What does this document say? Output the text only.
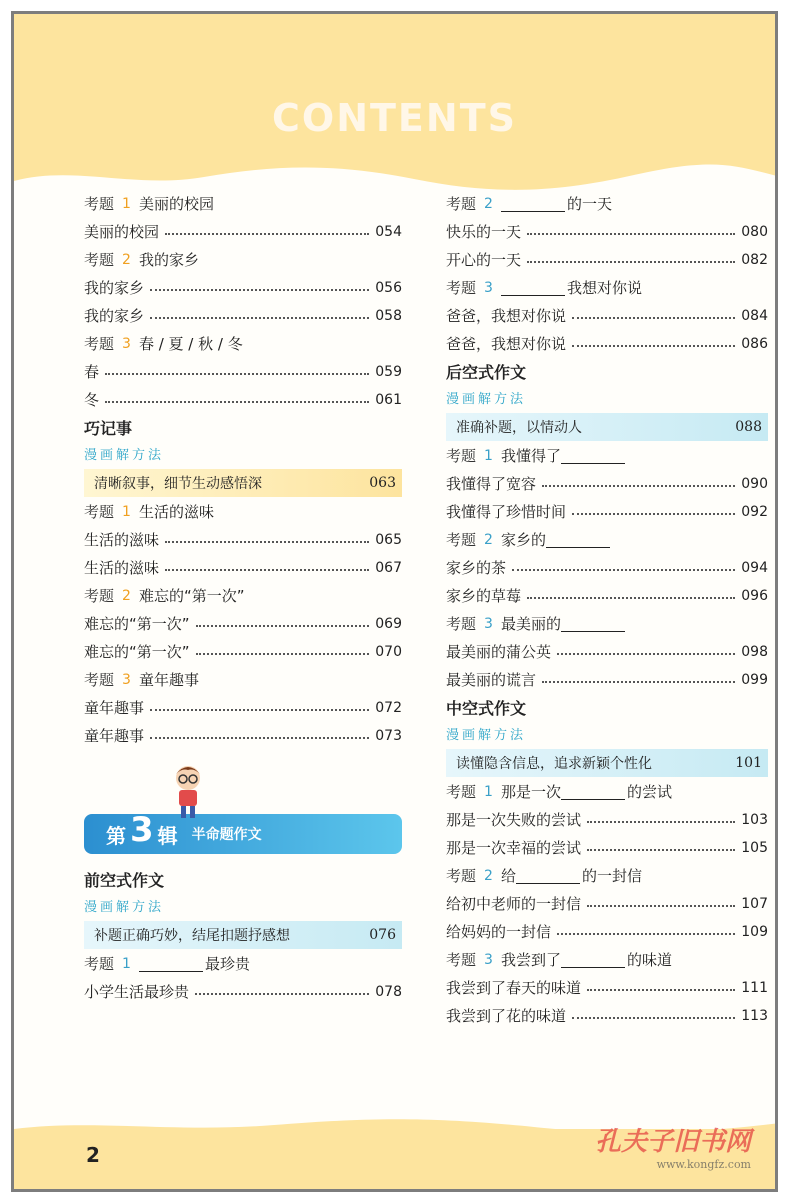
CONTENTS
考题 1 美丽的校园
美丽的校园	054
考题 2 我的家乡
我的家乡	056
我的家乡	058
考题 3 春 / 夏 / 秋 / 冬
春	059
冬	061
巧记事
漫画解方法
清晰叙事，细节生动感悟深	063
考题 1 生活的滋味
生活的滋味	065
生活的滋味	067
考题 2 难忘的“第一次”
难忘的“第一次”	069
难忘的“第一次”	070
考题 3 童年趣事
童年趣事	072
童年趣事	073
第 3 辑 半命题作文
前空式作文
漫画解方法
补题正确巧妙，结尾扣题抒感想	076
考题 1	最珍贵
小学生活最珍贵	078
考题 2	的一天
快乐的一天	080
开心的一天	082
考题 3	我想对你说
爸爸，我想对你说	084
爸爸，我想对你说	086
后空式作文
漫画解方法
准确补题，以情动人	088
考题 1 我懂得了
我懂得了宽容	090
我懂得了珍惜时间	092
考题 2 家乡的
家乡的茶	094
家乡的草莓	096
考题 3 最美丽的
最美丽的蒲公英	098
最美丽的谎言	099
中空式作文
漫画解方法
读懂隐含信息，追求新颖个性化	101
考题 1 那是一次	的尝试
那是一次失败的尝试	103
那是一次幸福的尝试	105
考题 2 给	的一封信
给初中老师的一封信	107
给妈妈的一封信	109
考题 3 我尝到了	的味道
我尝到了春天的味道	111
我尝到了花的味道	113
孔夫子旧书网
www.kongfz.com
2
